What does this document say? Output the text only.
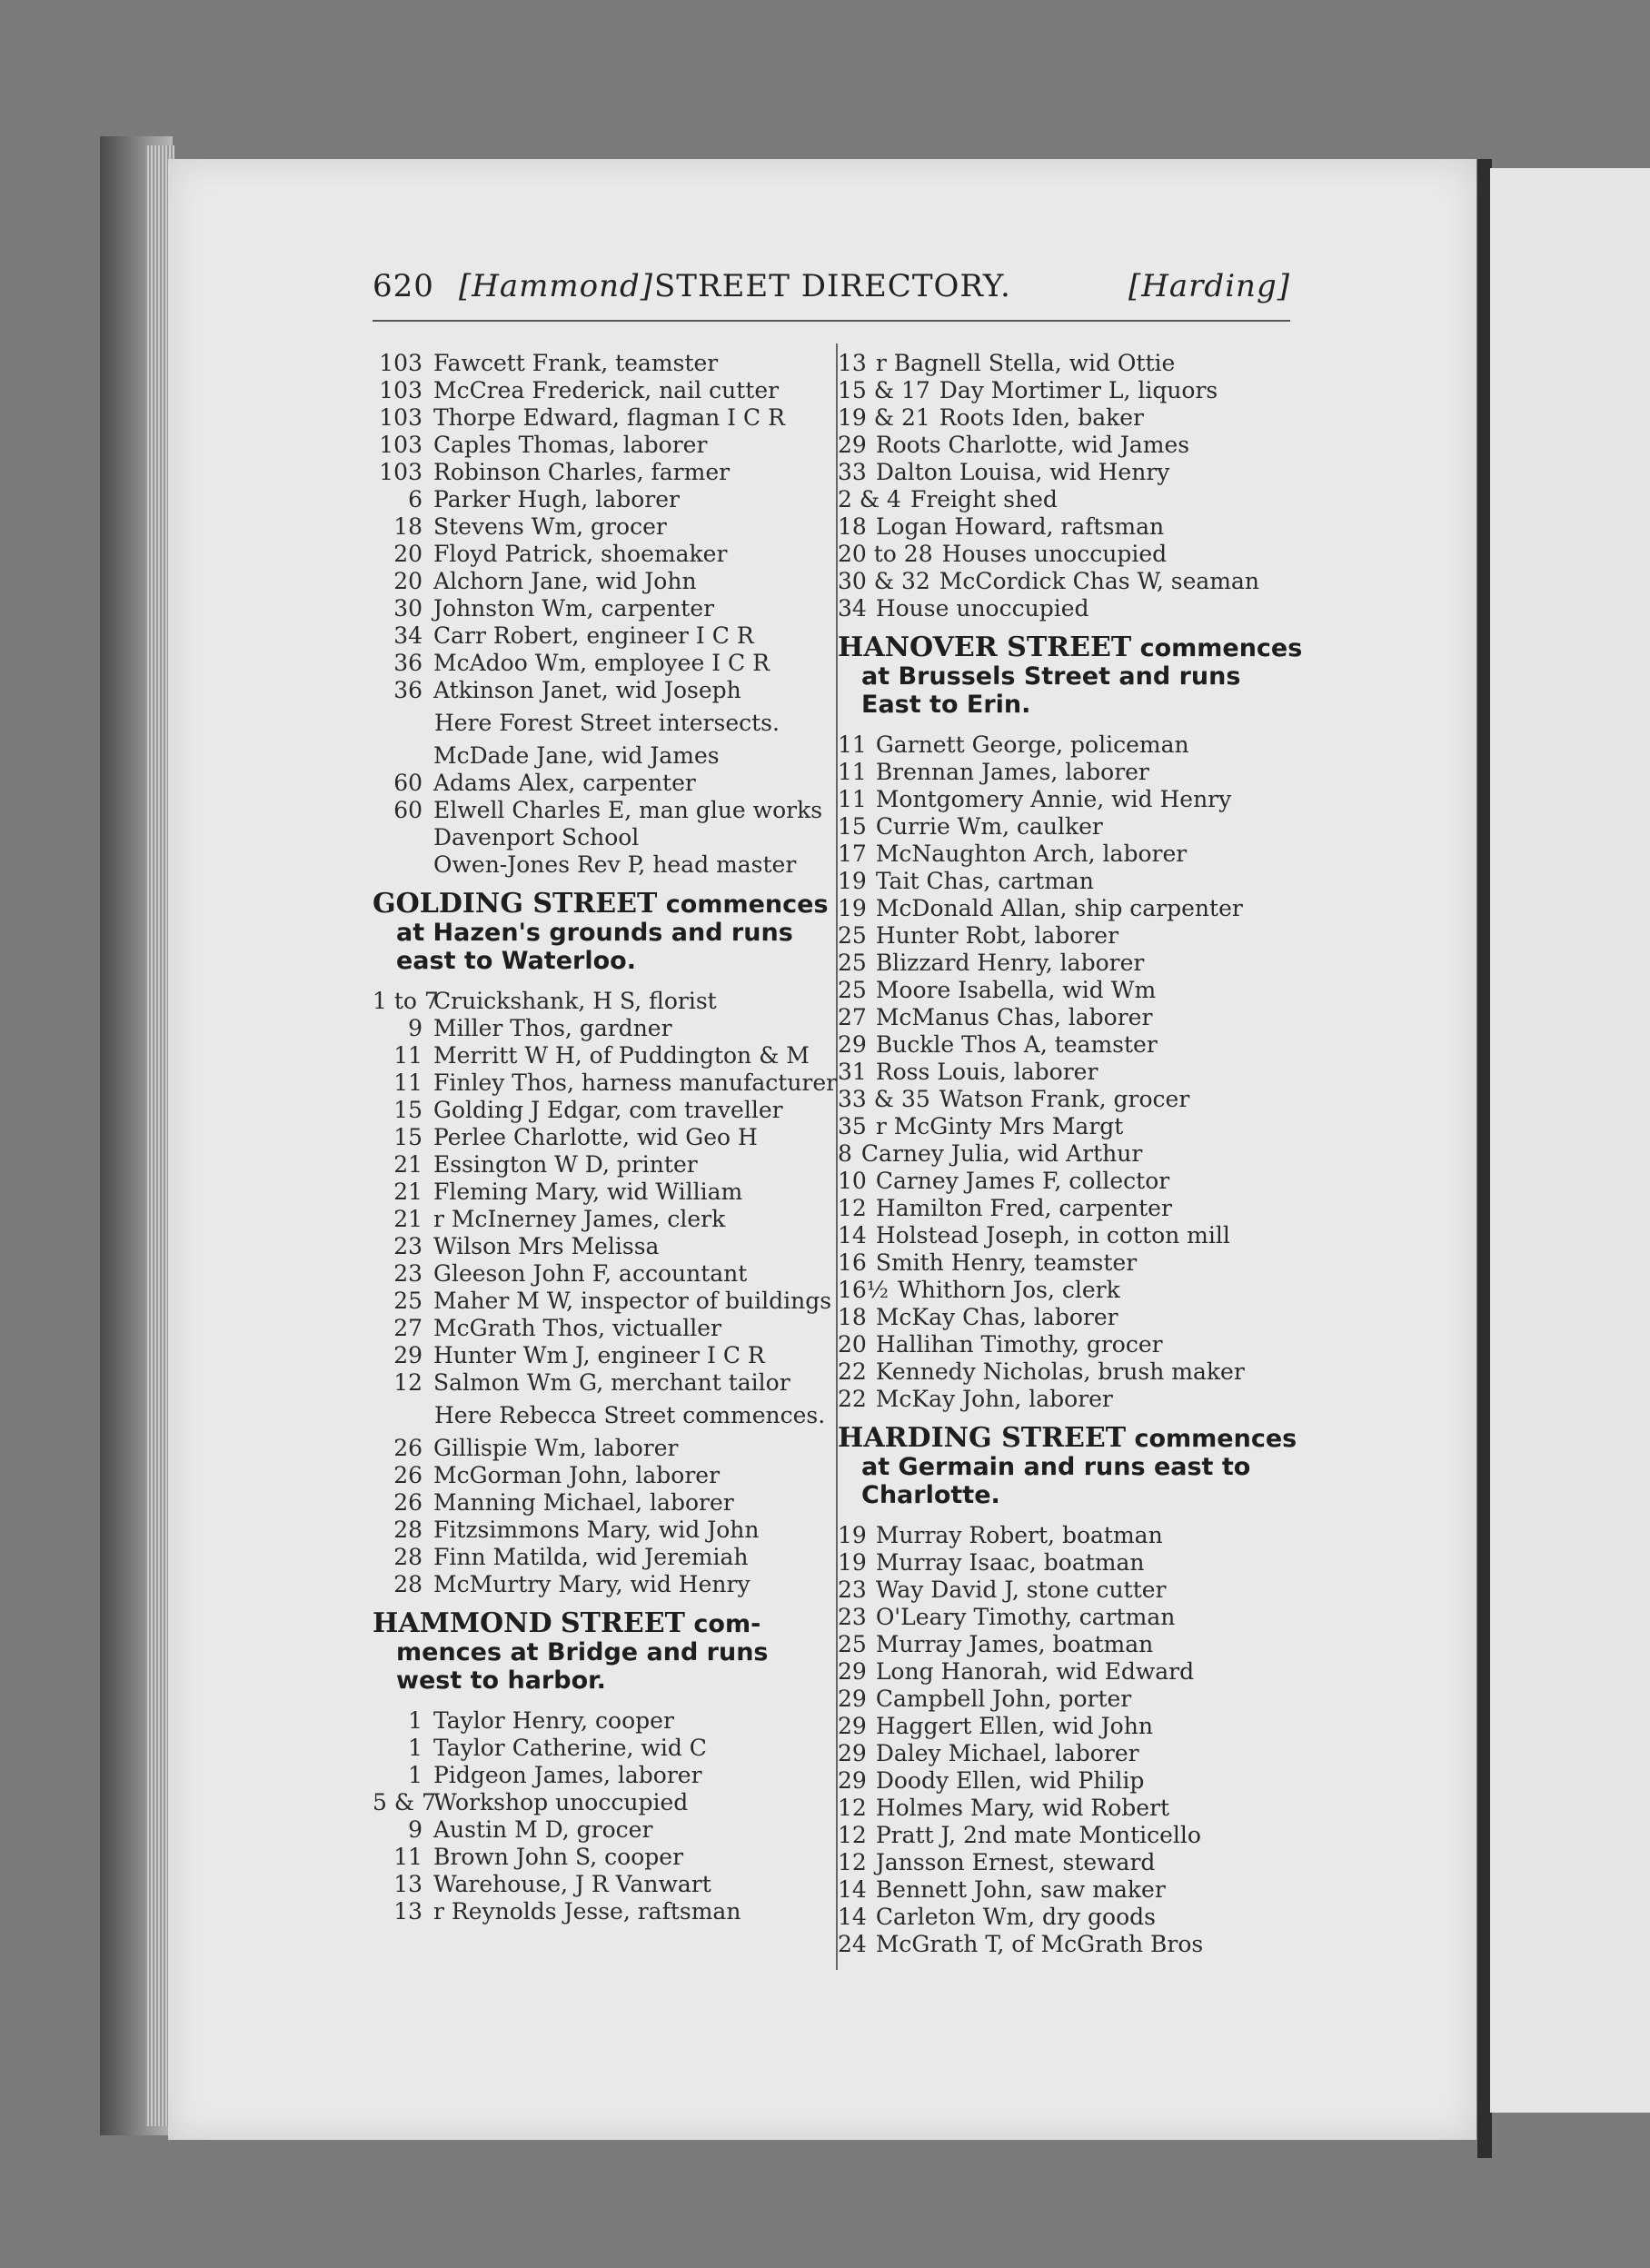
620 [Hammond] STREET DIRECTORY.	[Harding]
103 Fawcett Frank, teamster
103 McCrea Frederick, nail cutter
103 Thorpe Edward, flagman I C R
103 Caples Thomas, laborer
103 Robinson Charles, farmer
6 Parker Hugh, laborer
18 Stevens Wm, grocer
20 Floyd Patrick, shoemaker
20 Alchorn Jane, wid John
30 Johnston Wm, carpenter
34 Carr Robert, engineer I C R
36 McAdoo Wm, employee I C R
36 Atkinson Janet, wid Joseph
Here Forest Street intersects.
McDade Jane, wid James
60 Adams Alex, carpenter
60 Elwell Charles E, man glue works
Davenport School
Owen-Jones Rev P, head master
GOLDING STREET commences
at Hazen's grounds and runs
east to Waterloo.
1 to 7
Cruickshank, H S, florist
9 Miller Thos, gardner
11 Merritt W H, of Puddington & M
11 Finley Thos, harness manufacturer
15 Golding J Edgar, com traveller
15 Perlee Charlotte, wid Geo H
21 Essington W D, printer
21 Fleming Mary, wid William
21 r McInerney James, clerk
23 Wilson Mrs Melissa
23 Gleeson John F, accountant
25 Maher M W, inspector of buildings
27 McGrath Thos, victualler
29 Hunter Wm J, engineer I C R
12 Salmon Wm G, merchant tailor
Here Rebecca Street commences.
26 Gillispie Wm, laborer
26 McGorman John, laborer
26 Manning Michael, laborer
28 Fitzsimmons Mary, wid John
28 Finn Matilda, wid Jeremiah
28 McMurtry Mary, wid Henry
HAMMOND STREET com-
mences at Bridge and runs
west to harbor.
1 Taylor Henry, cooper
1 Taylor Catherine, wid C
1 Pidgeon James, laborer
5 & 7
Workshop unoccupied
9 Austin M D, grocer
11 Brown John S, cooper
13 Warehouse, J R Vanwart
13 r Reynolds Jesse, raftsman
13 r Bagnell Stella, wid Ottie
15 & 17 Day Mortimer L, liquors
19 & 21 Roots Iden, baker
29 Roots Charlotte, wid James
33 Dalton Louisa, wid Henry
2 & 4 Freight shed
18 Logan Howard, raftsman
20 to 28 Houses unoccupied
30 & 32 McCordick Chas W, seaman
34 House unoccupied
HANOVER STREET commences
at Brussels Street and runs
East to Erin.
11 Garnett George, policeman
11 Brennan James, laborer
11 Montgomery Annie, wid Henry
15 Currie Wm, caulker
17 McNaughton Arch, laborer
19 Tait Chas, cartman
19 McDonald Allan, ship carpenter
25 Hunter Robt, laborer
25 Blizzard Henry, laborer
25 Moore Isabella, wid Wm
27 McManus Chas, laborer
29 Buckle Thos A, teamster
31 Ross Louis, laborer
33 & 35 Watson Frank, grocer
35 r McGinty Mrs Margt
8 Carney Julia, wid Arthur
10 Carney James F, collector
12 Hamilton Fred, carpenter
14 Holstead Joseph, in cotton mill
16 Smith Henry, teamster
16½ Whithorn Jos, clerk
18 McKay Chas, laborer
20 Hallihan Timothy, grocer
22 Kennedy Nicholas, brush maker
22 McKay John, laborer
HARDING STREET commences
at Germain and runs east to
Charlotte.
19 Murray Robert, boatman
19 Murray Isaac, boatman
23 Way David J, stone cutter
23 O'Leary Timothy, cartman
25 Murray James, boatman
29 Long Hanorah, wid Edward
29 Campbell John, porter
29 Haggert Ellen, wid John
29 Daley Michael, laborer
29 Doody Ellen, wid Philip
12 Holmes Mary, wid Robert
12 Pratt J, 2nd mate Monticello
12 Jansson Ernest, steward
14 Bennett John, saw maker
14 Carleton Wm, dry goods
24 McGrath T, of McGrath Bros
